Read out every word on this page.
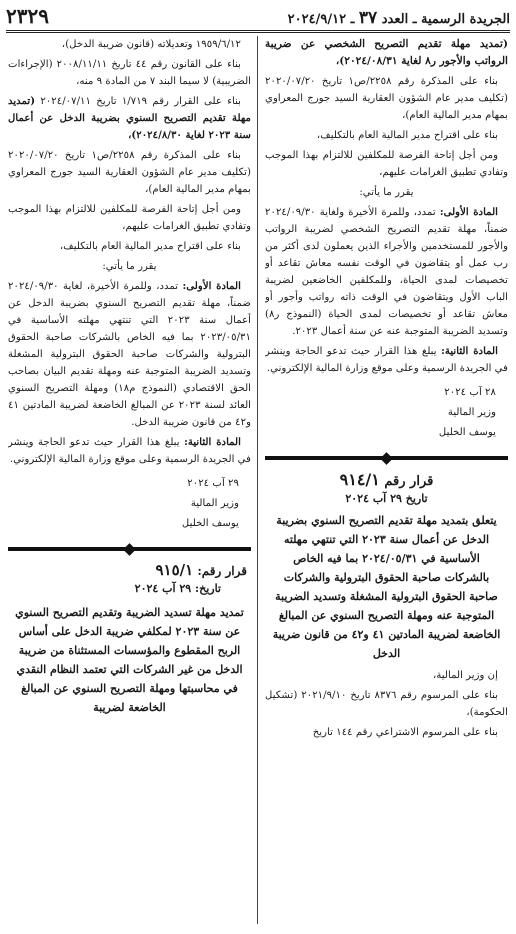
الجريدة الرسمية ـ العدد ٣٧ ـ ٢٠٢٤/٩/١٢
٢٣٢٩

(تمديد مهلة تقديم التصريح الشخصي عن ضريبة الرواتب والأجور ر٨ لغاية ٢٠٢٤/٠٨/٣١)،

بناء على المذكرة رقم ٢٢٥٨/ص١ تاريخ ٢٠٢٠/٠٧/٢٠ (تكليف مدير عام الشؤون العقارية السيد جورج المعراوي بمهام مدير المالية العام)،

بناء على اقتراح مدير المالية العام بالتكليف،

ومن أجل إتاحة الفرصة للمكلفين للالتزام بهذا الموجب وتفادي تطبيق الغرامات عليهم،

يقرر ما يأتي:

المادة الأولى: تمدد، وللمرة الأخيرة ولغاية ٢٠٢٤/٠٩/٣٠ ضمناً، مهلة تقديم التصريح الشخصي لضريبة الرواتب والأجور للمستخدمين والأجراء الذين يعملون لدى أكثر من رب عمل أو يتقاضون في الوقت نفسه معاش تقاعد أو تخصيصات لمدى الحياة، وللمكلفين الخاضعين لضريبة الباب الأول ويتقاضون في الوقت ذاته رواتب وأجور أو معاش تقاعد أو تخصيصات لمدى الحياة (النموذج ر٨) وتسديد الضريبة المتوجبة عنه عن سنة أعمال ٢٠٢٣.

المادة الثانية: يبلغ هذا القرار حيث تدعو الحاجة وينشر في الجريدة الرسمية وعلى موقع وزارة المالية الإلكتروني.

٢٨ آب ٢٠٢٤

وزير المالية

يوسف الخليل

قرار رقم ٩١٤/١

تاريخ ٢٩ آب ٢٠٢٤

يتعلق بتمديد مهلة تقديم التصريح السنوي بضريبة الدخل عن أعمال سنة ٢٠٢٣ التي تنتهي مهلته الأساسية في ٢٠٢٤/٠٥/٣١ بما فيه الخاص بالشركات صاحبة الحقوق البترولية والشركات صاحبة الحقوق البترولية المشغلة وتسديد الضريبة المتوجبة عنه ومهلة التصريح السنوي عن المبالغ الخاضعة لضريبة المادتين ٤١ و٤٢ من قانون ضريبة الدخل

إن وزير المالية،

بناء على المرسوم رقم ٨٣٧٦ تاريخ ٢٠٢١/٩/١٠ (تشكيل الحكومة)،

بناء على المرسوم الاشتراعي رقم ١٤٤ تاريخ

١٩٥٩/٦/١٢ وتعديلاته (قانون ضريبة الدخل)،

بناء على القانون رقم ٤٤ تاريخ ٢٠٠٨/١١/١١ (الإجراءات الضريبية) لا سيما البند ٧ من المادة ٩ منه،

بناء على القرار رقم ١/٧١٩ تاريخ ٢٠٢٤/٠٧/١١ (تمديد مهلة تقديم التصريح السنوي بضريبة الدخل عن أعمال سنة ٢٠٢٣ لغاية ٢٠٢٤/٨/٣٠)،

بناء على المذكرة رقم ٢٢٥٨/ص١ تاريخ ٢٠٢٠/٠٧/٢٠ (تكليف مدير عام الشؤون العقارية السيد جورج المعراوي بمهام مدير المالية العام)،

ومن أجل إتاحة الفرصة للمكلفين للالتزام بهذا الموجب وتفادي تطبيق الغرامات عليهم،

بناء على اقتراح مدير المالية العام بالتكليف،

يقرر ما يأتي:

المادة الأولى: تمدد، وللمرة الأخيرة، لغاية ٢٠٢٤/٠٩/٣٠ ضمناً، مهلة تقديم التصريح السنوي بضريبة الدخل عن أعمال سنة ٢٠٢٣ التي تنتهي مهلته الأساسية في ٢٠٢٣/٠٥/٣١ بما فيه الخاص بالشركات صاحبة الحقوق البترولية والشركات صاحبة الحقوق البترولية المشغلة وتسديد الضريبة المتوجبة عنه ومهلة تقديم البيان بصاحب الحق الاقتصادي (النموذج م١٨) ومهلة التصريح السنوي العائد لسنة ٢٠٢٣ عن المبالغ الخاضعة لضريبة المادتين ٤١ و٤٢ من قانون ضريبة الدخل.

المادة الثانية: يبلغ هذا القرار حيث تدعو الحاجة وينشر في الجريدة الرسمية وعلى موقع وزارة المالية الإلكتروني.

٢٩ آب ٢٠٢٤

وزير المالية

يوسف الخليل

قرار رقم: ٩١٥/١

تاريخ: ٢٩ آب ٢٠٢٤

تمديد مهلة تسديد الضريبة وتقديم التصريح السنوي عن سنة ٢٠٢٣ لمكلفي ضريبة الدخل على أساس الربح المقطوع والمؤسسات المستثناة من ضريبة الدخل من غير الشركات التي تعتمد النظام النقدي في محاسبتها ومهلة التصريح السنوي عن المبالغ الخاضعة لضريبة
